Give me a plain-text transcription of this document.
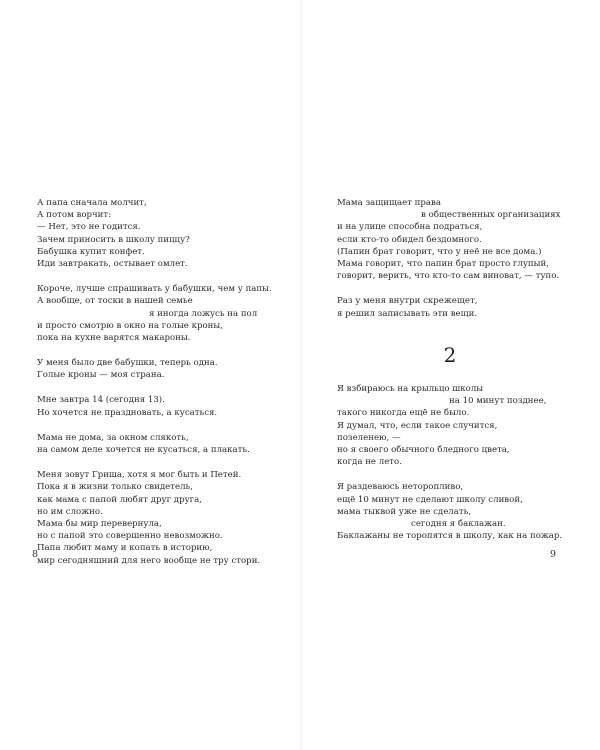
А папа сначала молчит,
А потом ворчит:
— Нет, это не годится.
Зачем приносить в школу пиццу?
Бабушка купит конфет.
Иди завтракать, остывает омлет.
Короче, лучше спрашивать у бабушки, чем у папы.
А вообще, от тоски в нашей семье
я иногда ложусь на пол
и просто смотрю в окно на голые кроны,
пока на кухне варятся макароны.
У меня было две бабушки, теперь одна.
Голые кроны — моя страна.
Мне завтра 14 (сегодня 13).
Но хочется не праздновать, а кусаться.
Мама не дома, за окном слякоть,
на самом деле хочется не кусаться, а плакать.
Меня зовут Гриша, хотя я мог быть и Петей.
Пока я в жизни только свидетель,
как мама с папой любят друг друга,
но им сложно.
Мама бы мир перевернула,
но с папой это совершенно невозможно.
Папа любит маму и копать в историю,
мир сегодняшний для него вообще не тру стори.
8
Мама защищает права
в общественных организациях
и на улице способна подраться,
если кто-то обидел бездомного.
(Папин брат говорит, что у неё не все дома.)
Мама говорит, что папин брат просто глупый,
говорит, верить, что кто-то сам виноват, — тупо.
Раз у меня внутри скрежещет,
я решил записывать эти вещи.
2
Я взбираюсь на крыльцо школы
на 10 минут позднее,
такого никогда ещё не было.
Я думал, что, если такое случится,
позеленею, —
но я своего обычного бледного цвета,
когда не лето.
Я раздеваюсь неторопливо,
ещё 10 минут не сделают школу сливой,
мама тыквой уже не сделать,
сегодня я баклажан.
Баклажаны не торопятся в школу, как на пожар.
9
